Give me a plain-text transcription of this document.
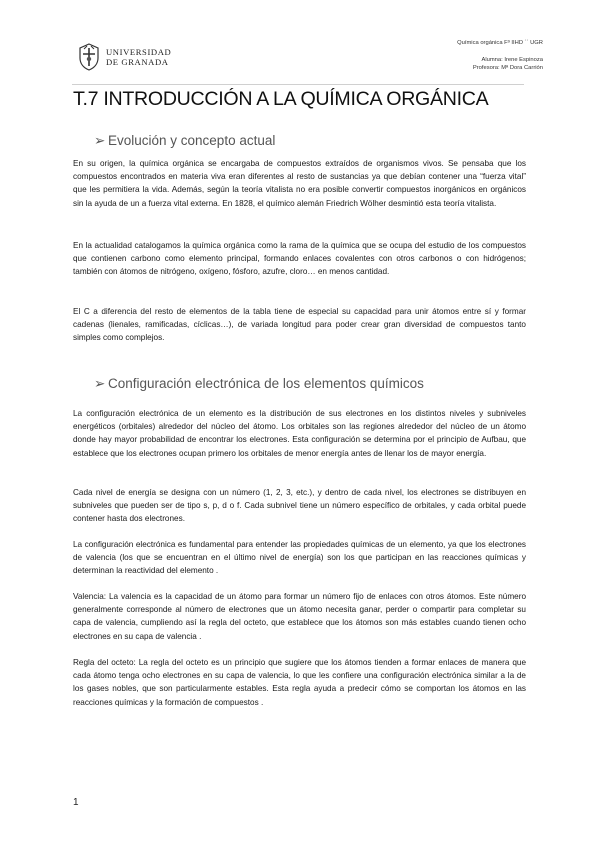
UNIVERSIDAD
DE GRANADA
Química orgánica Fº IIHD ´´ UGR
Alumna: Irene Espinoza
Profesora: Mª Dora Carrión
T.7 INTRODUCCIÓN A LA QUÍMICA ORGÁNICA
➢ Evolución y concepto actual

En su origen, la química orgánica se encargaba de compuestos extraídos de organismos vivos. Se pensaba que los compuestos encontrados en materia viva eran diferentes al resto de sustancias ya que debían contener una “fuerza vital” que les permitiera la vida. Además, según la teoría vitalista no era posible convertir compuestos inorgánicos en orgánicos sin la ayuda de un a fuerza vital externa. En 1828, el químico alemán Friedrich Wölher desmintió esta teoría vitalista.

En la actualidad catalogamos la química orgánica como la rama de la química que se ocupa del estudio de los compuestos que contienen carbono como elemento principal, formando enlaces covalentes con otros carbonos o con hidrógenos; también con átomos de nitrógeno, oxígeno, fósforo, azufre, cloro… en menos cantidad.

El C a diferencia del resto de elementos de la tabla tiene de especial su capacidad para unir átomos entre sí y formar cadenas (lienales, ramificadas, cíclicas…), de variada longitud para poder crear gran diversidad de compuestos tanto simples como complejos.

➢ Configuración electrónica de los elementos químicos

La configuración electrónica de un elemento es la distribución de sus electrones en los distintos niveles y subniveles energéticos (orbitales) alrededor del núcleo del átomo. Los orbitales son las regiones alrededor del núcleo de un átomo donde hay mayor probabilidad de encontrar los electrones. Esta configuración se determina por el principio de Aufbau, que establece que los electrones ocupan primero los orbitales de menor energía antes de llenar los de mayor energía.

Cada nivel de energía se designa con un número (1, 2, 3, etc.), y dentro de cada nivel, los electrones se distribuyen en subniveles que pueden ser de tipo s, p, d o f. Cada subnivel tiene un número específico de orbitales, y cada orbital puede contener hasta dos electrones.

La configuración electrónica es fundamental para entender las propiedades químicas de un elemento, ya que los electrones de valencia (los que se encuentran en el último nivel de energía) son los que participan en las reacciones químicas y determinan la reactividad del elemento .

Valencia: La valencia es la capacidad de un átomo para formar un número fijo de enlaces con otros átomos. Este número generalmente corresponde al número de electrones que un átomo necesita ganar, perder o compartir para completar su capa de valencia, cumpliendo así la regla del octeto, que establece que los átomos son más estables cuando tienen ocho electrones en su capa de valencia .

Regla del octeto: La regla del octeto es un principio que sugiere que los átomos tienden a formar enlaces de manera que cada átomo tenga ocho electrones en su capa de valencia, lo que les confiere una configuración electrónica similar a la de los gases nobles, que son particularmente estables. Esta regla ayuda a predecir cómo se comportan los átomos en las reacciones químicas y la formación de compuestos .

1
